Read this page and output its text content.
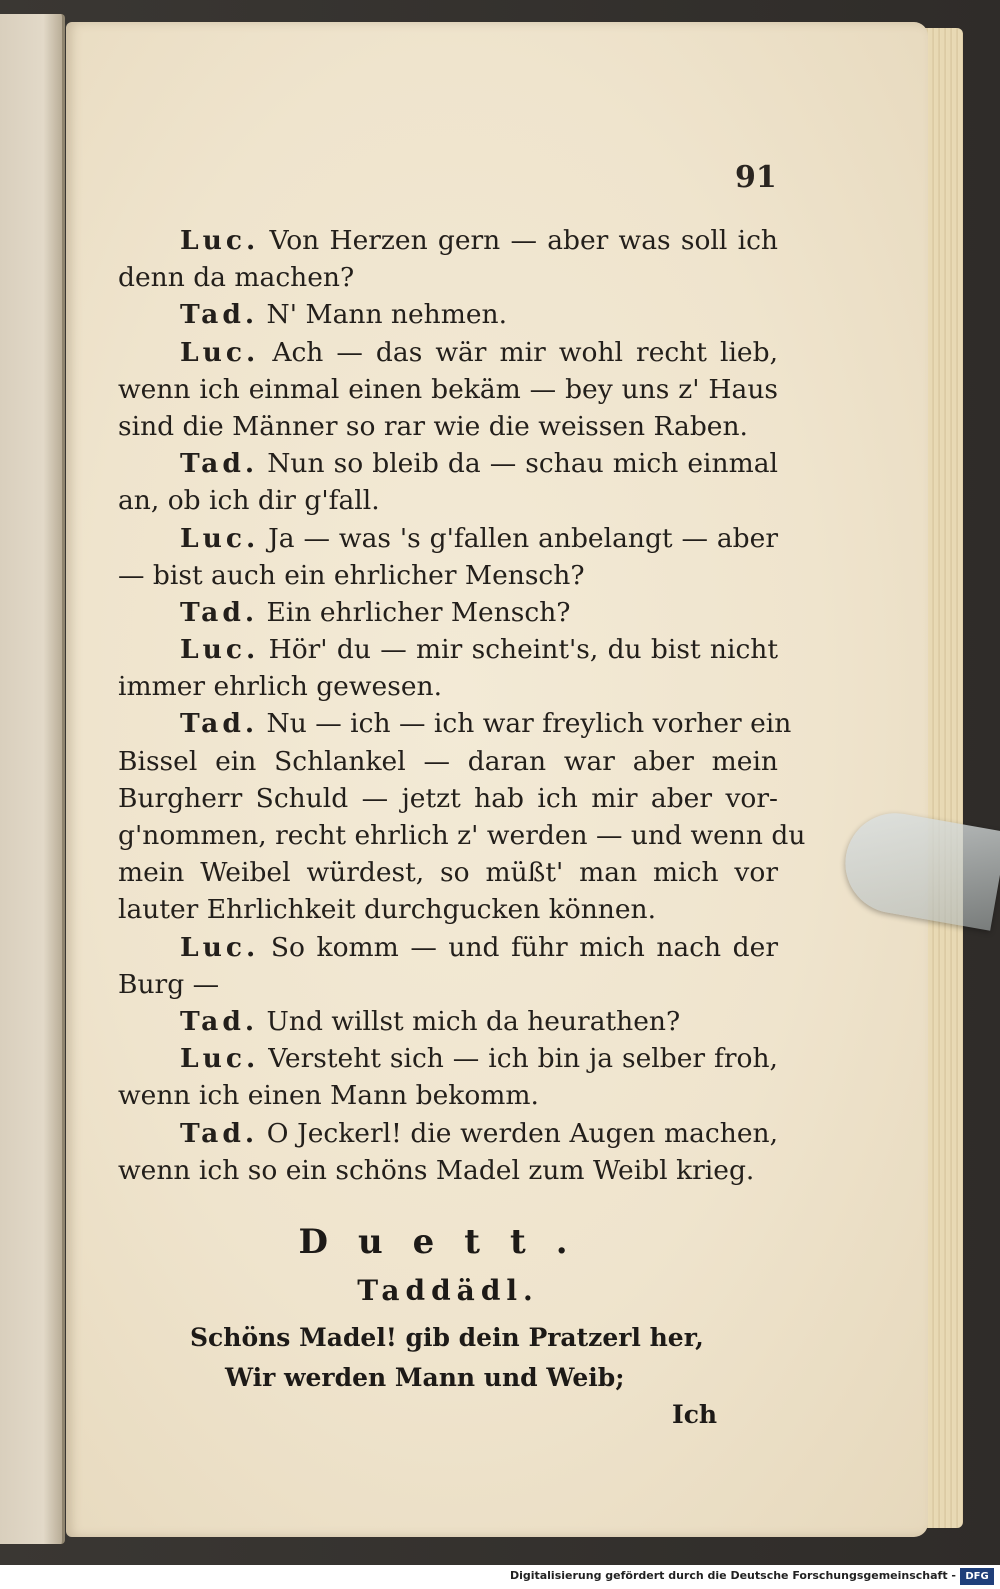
91
Luc. Von Herzen gern — aber was soll ich
denn da machen?
Tad. N' Mann nehmen.
Luc. Ach — das wär mir wohl recht lieb,
wenn ich einmal einen bekäm — bey uns z' Haus
sind die Männer so rar wie die weissen Raben.
Tad. Nun so bleib da — schau mich einmal
an, ob ich dir g'fall.
Luc. Ja — was 's g'fallen anbelangt — aber
— bist auch ein ehrlicher Mensch?
Tad. Ein ehrlicher Mensch?
Luc. Hör' du — mir scheint's, du bist nicht
immer ehrlich gewesen.
Tad. Nu — ich — ich war freylich vorher ein
Bissel ein Schlankel — daran war aber mein
Burgherr Schuld — jetzt hab ich mir aber vor-
g'nommen, recht ehrlich z' werden — und wenn du
mein Weibel würdest, so müßt' man mich vor
lauter Ehrlichkeit durchgucken können.
Luc. So komm — und führ mich nach der
Burg —
Tad. Und willst mich da heurathen?
Luc. Versteht sich — ich bin ja selber froh,
wenn ich einen Mann bekomm.
Tad. O Jeckerl! die werden Augen machen,
wenn ich so ein schöns Madel zum Weibl krieg.
Duett.
Taddädl.
Schöns Madel! gib dein Pratzerl her,
Wir werden Mann und Weib;
Ich
Digitalisierung gefördert durch die Deutsche Forschungsgemeinschaft - DFG
